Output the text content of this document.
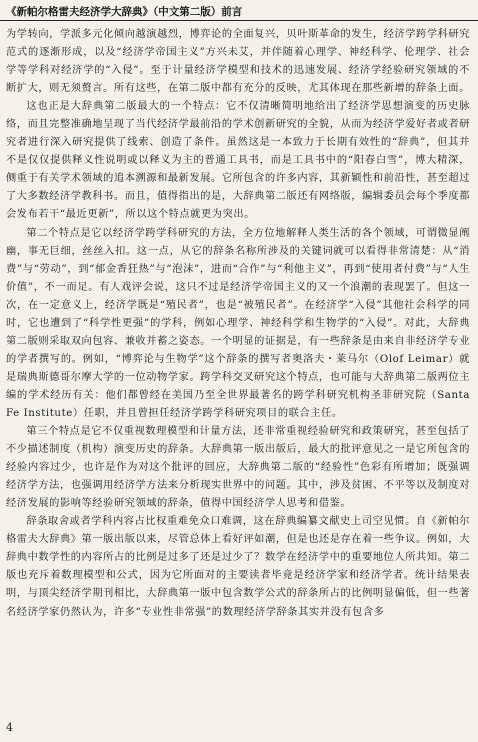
《新帕尔格雷夫经济学大辞典》（中文第二版）前言

为学转向，学派多元化倾向越演越烈，博弈论的全面复兴，贝叶斯革命的发生，经济学跨学科研究范式的逐渐形成，以及“经济学帝国主义”方兴未艾，并伴随着心理学、神经科学、伦理学、社会学等学科对经济学的“入侵”。至于计量经济学模型和技术的迅速发展、经济学经验研究领域的不断扩大，则无须赘言。所有这些，在第二版中都有充分的反映，尤其体现在那些新增的辞条上面。

这也正是大辞典第二版最大的一个特点：它不仅清晰简明地给出了经济学思想演变的历史脉络，而且完整准确地呈现了当代经济学最前沿的学术创新研究的全貌，从而为经济学爱好者或者研究者进行深入研究提供了线索、创造了条件。虽然这是一本致力于长期有效性的“辞典”，但其并不是仅仅提供释义性说明或以释义为主的普通工具书，而是工具书中的“阳春白雪”，博大精深，侧重于有关学术领域的追本溯源和最新发展。它所包含的许多内容，其新颖性和前沿性，甚至超过了大多数经济学教科书。而且，值得指出的是，大辞典第二版还有网络版，编辑委员会每个季度都会发布若干“最近更新”，所以这个特点就更为突出。

第二个特点是它以经济学跨学科研究的方法，全方位地解释人类生活的各个领域，可谓微显阐幽，事无巨细，丝丝入扣。这一点，从它的辞条名称所涉及的关键词就可以看得非常清楚：从“消费”与“劳动”，到“郁金香狂热”与“泡沫”，进而“合作”与“利他主义”，再到“使用者付费”与“人生价值”，不一而足。有人戏评会说，这只不过是经济学帝国主义的又一个浪潮的表现罢了。但这一次，在一定意义上，经济学既是“殖民者”，也是“被殖民者”。在经济学“入侵”其他社会科学的同时，它也遭到了“科学性更强”的学科，例如心理学、神经科学和生物学的“入侵”。对此，大辞典第二版则采取双向包容、兼收并蓄之姿态。一个明显的证据是，有一些辞条是由来自非经济学专业的学者撰写的。例如，“博弈论与生物学”这个辞条的撰写者奥洛夫・莱马尔（Olof Leimar）就是瑞典斯德哥尔摩大学的一位动物学家。跨学科交叉研究这个特点，也可能与大辞典第二版两位主编的学术经历有关：他们都曾经在美国乃至全世界最著名的跨学科研究机构圣菲研究院（Santa Fe Institute）任职，并且曾担任经济学跨学科研究项目的联合主任。

第三个特点是它不仅重视数理模型和计量方法，还非常重视经验研究和政策研究，甚至包括了不少描述制度（机构）演变历史的辞条。大辞典第一版出版后，最大的批评意见之一是它所包含的经验内容过少，也许是作为对这个批评的回应，大辞典第二版的“经验性”色彩有所增加；既强调经济学方法，也强调用经济学方法来分析现实世界中的问题。其中，涉及贫困、不平等以及制度对经济发展的影响等经验研究领域的辞条，值得中国经济学人思考和借鉴。

辞条取舍或者学科内容占比权重难免众口难调，这在辞典编纂文献史上司空见惯。自《新帕尔格雷夫大辞典》第一版出版以来，尽管总体上看好评如潮，但是也还是存在着一些争议。例如，大辞典中数学性的内容所占的比例是过多了还是过少了？数学在经济学中的重要地位人所共知。第二版也充斥着数理模型和公式，因为它所面对的主要读者毕竟是经济学家和经济学者。统计结果表明，与顶尖经济学期刊相比，大辞典第一版中包含数学公式的辞条所占的比例明显偏低，但一些著名经济学家仍然认为，许多“专业性非常强”的数理经济学辞条其实并没有包含多

4
